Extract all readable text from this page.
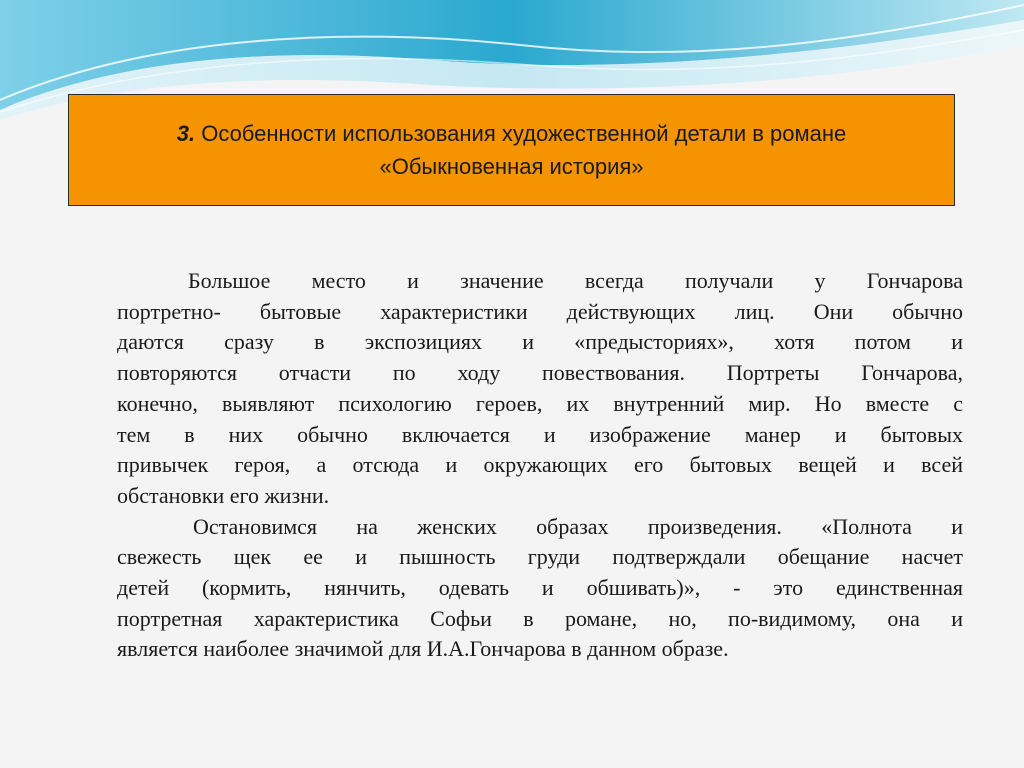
3. Особенности использования художественной детали в романе
«Обыкновенная история»

Большое место и значение всегда получали у Гончарова
портретно- бытовые характеристики действующих лиц. Они обычно
даются сразу в экспозициях и «предысториях», хотя потом и
повторяются отчасти по ходу повествования. Портреты Гончарова,
конечно, выявляют психологию героев, их внутренний мир. Но вместе с
тем в них обычно включается и изображение манер и бытовых
привычек героя, а отсюда и окружающих его бытовых вещей и всей
обстановки его жизни.

Остановимся на женских образах произведения. «Полнота и
свежесть щек ее и пышность груди подтверждали обещание насчет
детей (кормить, нянчить, одевать и обшивать)», - это единственная
портретная характеристика Софьи в романе, но, по-видимому, она и
является наиболее значимой для И.А.Гончарова в данном образе.
